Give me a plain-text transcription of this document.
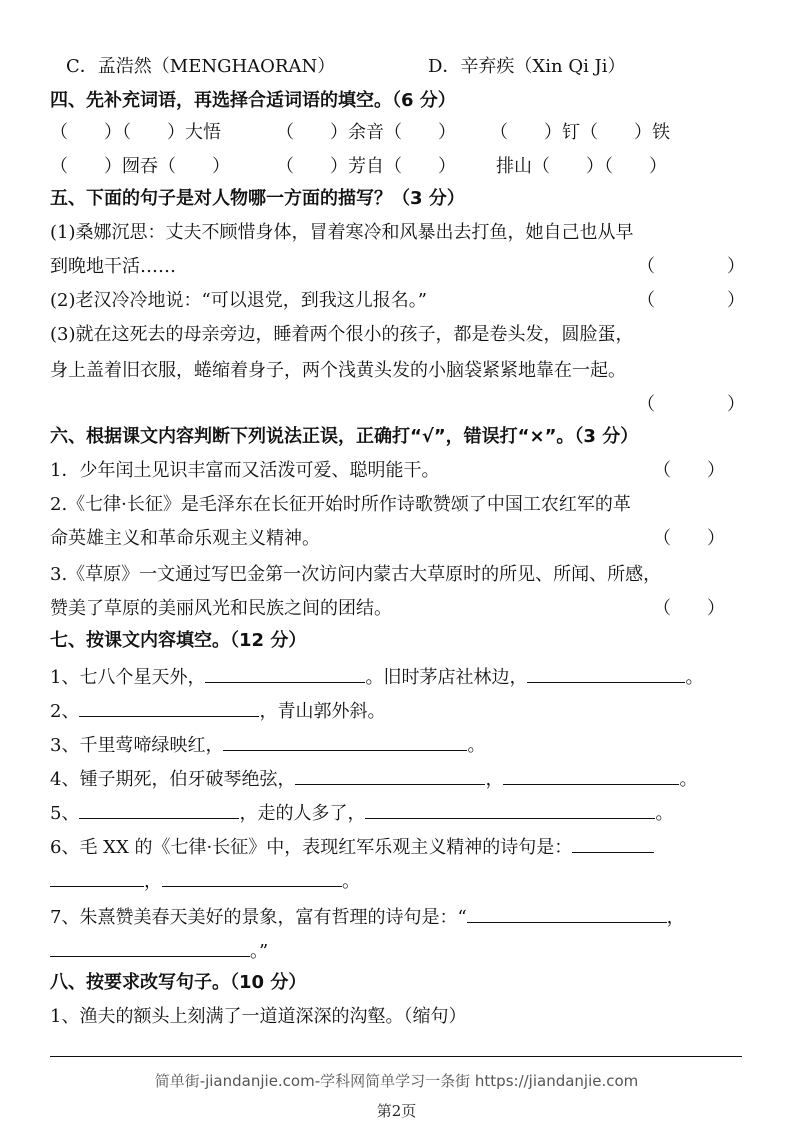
C．孟浩然（MENGHAORAN）	D．辛弃疾（Xin Qi Ji）
四、先补充词语，再选择合适词语的填空。（6 分）
（　　）（　　）大悟	（　　）余音（　　） （　　）钉（　　）铁
（　　）囫吞（　　）	（　　）芳自（　　） 排山（　　）（　　）
五、下面的句子是对人物哪一方面的描写？（3 分）
(1)桑娜沉思：丈夫不顾惜身体，冒着寒冷和风暴出去打鱼，她自己也从早
到晚地干活……	（　　　　）
(2)老汉冷冷地说：“可以退党，到我这儿报名。”	（　　　　）
(3)就在这死去的母亲旁边，睡着两个很小的孩子，都是卷头发，圆脸蛋，
身上盖着旧衣服，蜷缩着身子，两个浅黄头发的小脑袋紧紧地靠在一起。
（　　　　）
六、根据课文内容判断下列说法正误，正确打“√”，错误打“×”。（3 分）
1．少年闰土见识丰富而又活泼可爱、聪明能干。	（　　）
2.《七律·长征》是毛泽东在长征开始时所作诗歌赞颂了中国工农红军的革
命英雄主义和革命乐观主义精神。	（　　）
3.《草原》一文通过写巴金第一次访问内蒙古大草原时的所见、所闻、所感，
赞美了草原的美丽风光和民族之间的团结。	（　　）
七、按课文内容填空。（12 分）
1、七八个星天外，	。旧时茅店社林边，	。
2、	，青山郭外斜。
3、千里莺啼绿映红，	。
4、锺子期死，伯牙破琴绝弦，	，	。
5、	，走的人多了，	。
6、毛 XX 的《七律·长征》中，表现红军乐观主义精神的诗句是：
，	。
7、朱熹赞美春天美好的景象，富有哲理的诗句是：“	，
。”
八、按要求改写句子。（10 分）
1、渔夫的额头上刻满了一道道深深的沟壑。（缩句）
简单街-jiandanjie.com-学科网简单学习一条街 https://jiandanjie.com
第2页
